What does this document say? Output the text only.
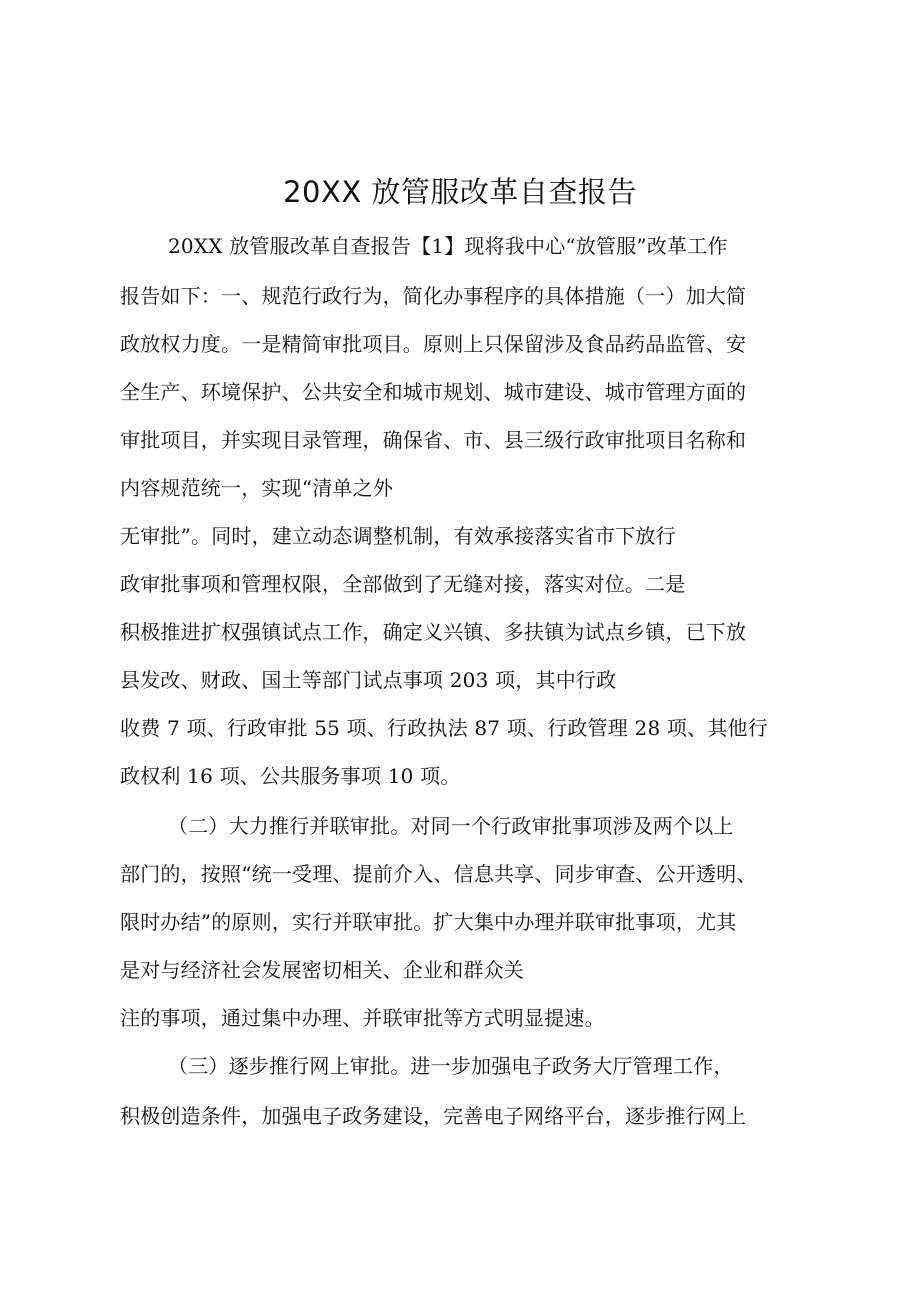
20XX 放管服改革自查报告
20XX 放管服改革自查报告【1】现将我中心“放管服”改革工作
报告如下：一、规范行政行为，简化办事程序的具体措施（一）加大简
政放权力度。一是精简审批项目。原则上只保留涉及食品药品监管、安
全生产、环境保护、公共安全和城市规划、城市建设、城市管理方面的
审批项目，并实现目录管理，确保省、市、县三级行政审批项目名称和
内容规范统一，实现“清单之外
无审批”。同时，建立动态调整机制，有效承接落实省市下放行
政审批事项和管理权限，全部做到了无缝对接，落实对位。二是
积极推进扩权强镇试点工作，确定义兴镇、多扶镇为试点乡镇，已下放
县发改、财政、国土等部门试点事项 203 项，其中行政
收费 7 项、行政审批 55 项、行政执法 87 项、行政管理 28 项、其他行
政权利 16 项、公共服务事项 10 项。
（二）大力推行并联审批。对同一个行政审批事项涉及两个以上
部门的，按照“统一受理、提前介入、信息共享、同步审查、公开透明、
限时办结”的原则，实行并联审批。扩大集中办理并联审批事项，尤其
是对与经济社会发展密切相关、企业和群众关
注的事项，通过集中办理、并联审批等方式明显提速。
（三）逐步推行网上审批。进一步加强电子政务大厅管理工作，
积极创造条件，加强电子政务建设，完善电子网络平台，逐步推行网上
